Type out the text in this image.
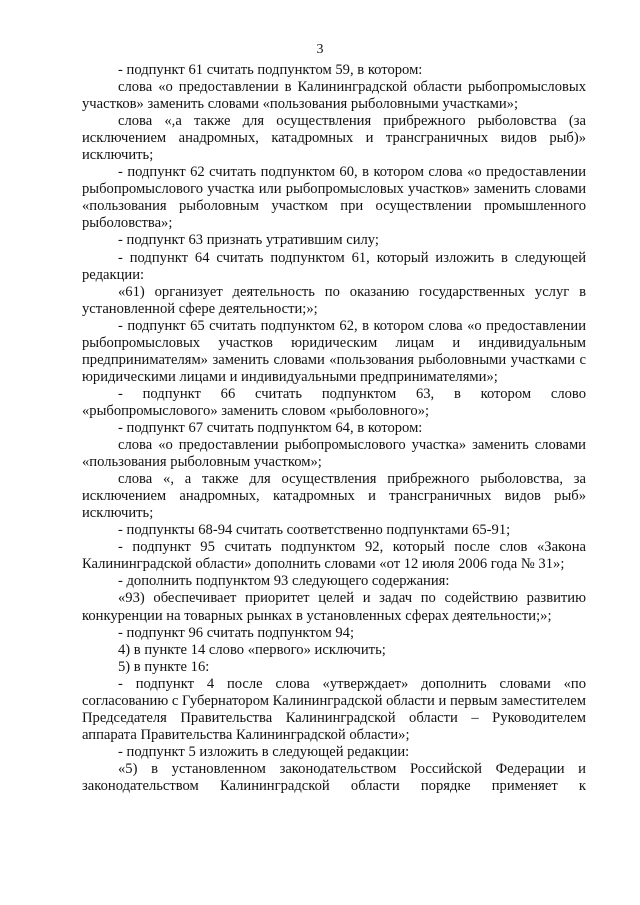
3

- подпункт 61 считать подпунктом 59, в котором:

слова «о предоставлении в Калининградской области рыбопромысловых участков» заменить словами «пользования рыболовными участками»;

слова «,а также для осуществления прибрежного рыболовства (за исключением анадромных, катадромных и трансграничных видов рыб)» исключить;

- подпункт 62 считать подпунктом 60, в котором слова «о предоставлении рыбопромыслового участка или рыбопромысловых участков» заменить словами «пользования рыболовным участком при осуществлении промышленного рыболовства»;

- подпункт 63 признать утратившим силу;

- подпункт 64 считать подпунктом 61, который изложить в следующей редакции:

«61) организует деятельность по оказанию государственных услуг в установленной сфере деятельности;»;

- подпункт 65 считать подпунктом 62, в котором слова «о предоставлении рыбопромысловых участков юридическим лицам и индивидуальным предпринимателям» заменить словами «пользования рыболовными участками с юридическими лицами и индивидуальными предпринимателями»;

- подпункт 66 считать подпунктом 63, в котором слово «рыбопромыслового» заменить словом «рыболовного»;

- подпункт 67 считать подпунктом 64, в котором:

слова «о предоставлении рыбопромыслового участка» заменить словами «пользования рыболовным участком»;

слова «, а также для осуществления прибрежного рыболовства, за исключением анадромных, катадромных и трансграничных видов рыб» исключить;

- подпункты 68-94 считать соответственно подпунктами 65-91;

- подпункт 95 считать подпунктом 92, который после слов «Закона Калининградской области» дополнить словами «от 12 июля 2006 года № 31»;

- дополнить подпунктом 93 следующего содержания:

«93) обеспечивает приоритет целей и задач по содействию развитию конкуренции на товарных рынках в установленных сферах деятельности;»;

- подпункт 96 считать подпунктом 94;

4) в пункте 14 слово «первого» исключить;

5) в пункте 16:

- подпункт 4 после слова «утверждает» дополнить словами «по согласованию с Губернатором Калининградской области и первым заместителем Председателя Правительства Калининградской области – Руководителем аппарата Правительства Калининградской области»;

- подпункт 5 изложить в следующей редакции:

«5) в установленном законодательством Российской Федерации и законодательством Калининградской области порядке применяет к
